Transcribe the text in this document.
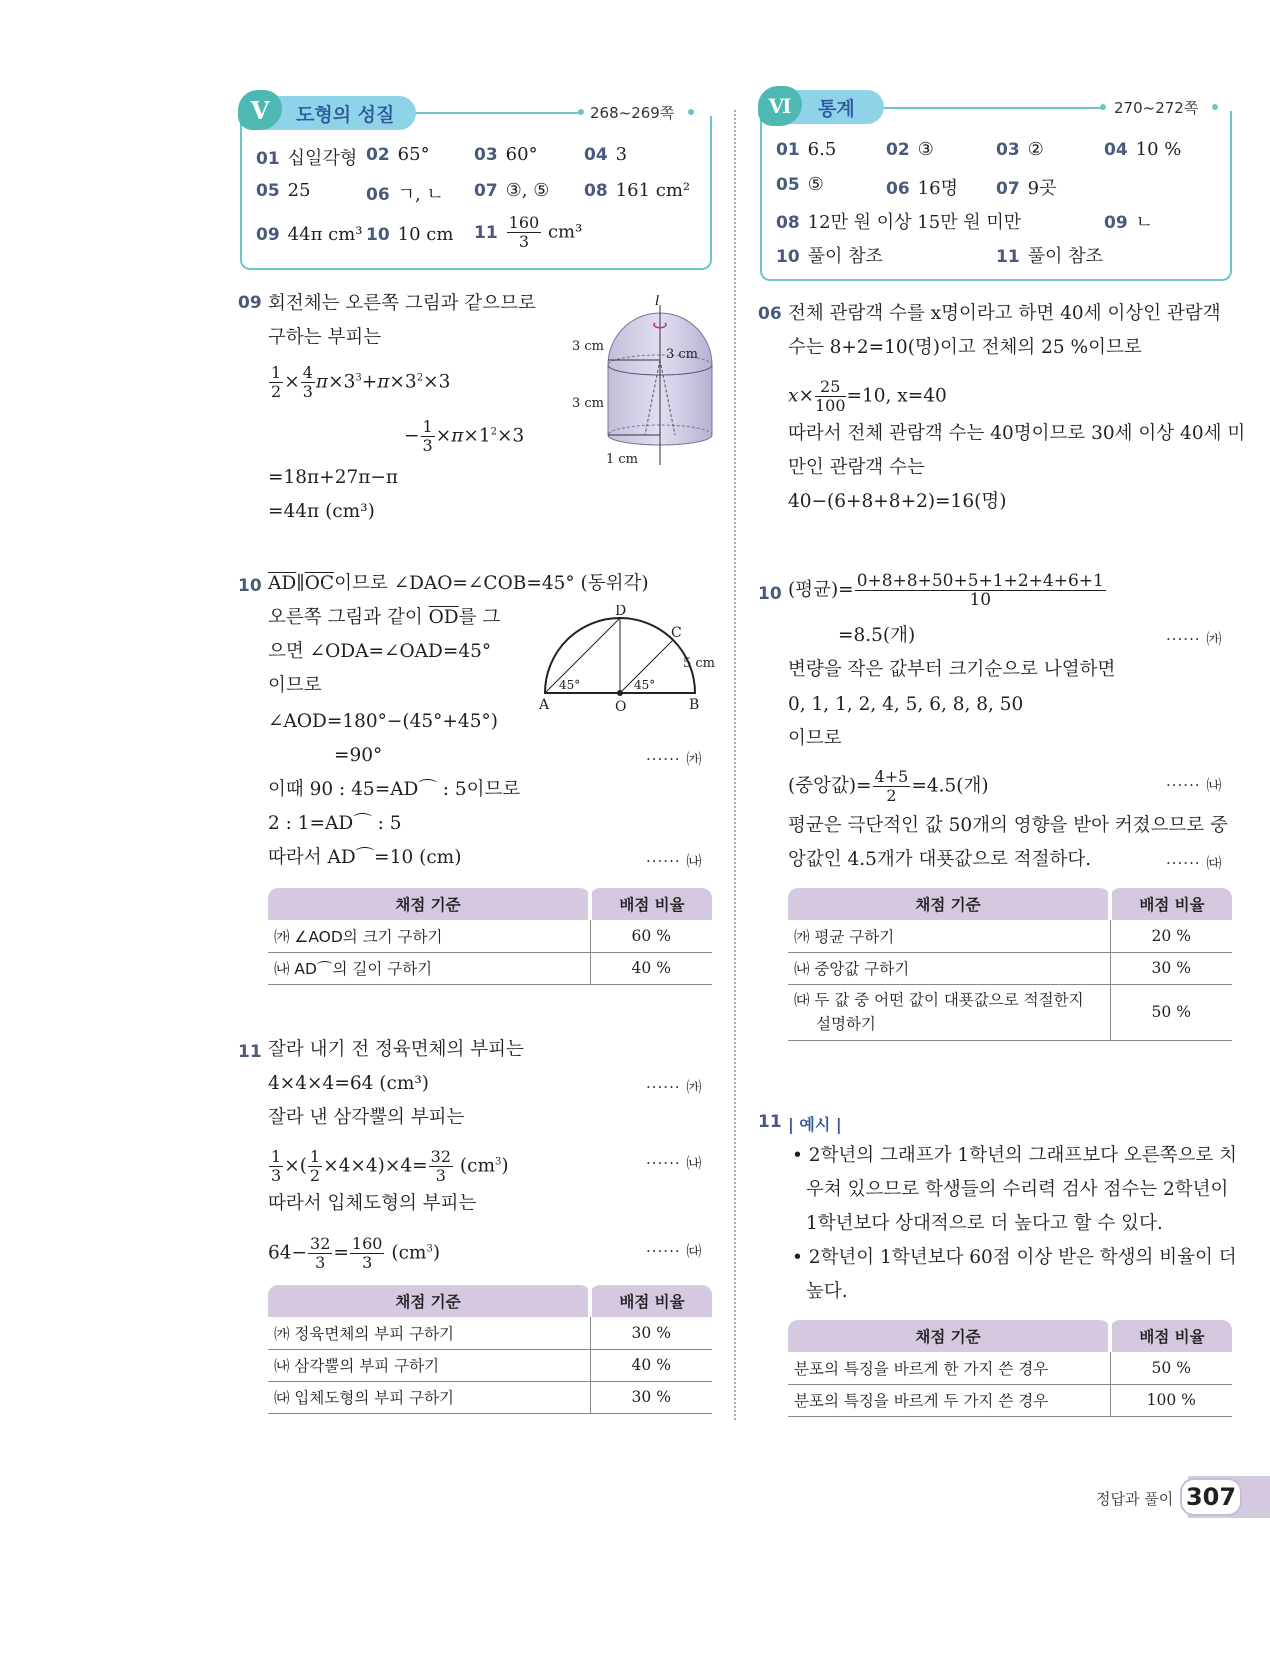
268~269쪽
도형의 성질
V
01 십일각형 02 65°	03 60°	04 3
05 25	06 ㄱ, ㄴ 07 ③, ⑤ 08 161 cm²
09 44π cm³ 10 10 cm $11 \frac{160}{3} cm^3$
270~272쪽
통계
Ⅵ
01 6.5	02 ③	03 ②	04 10 %
05 ⑤	06 16명 07 9곳
08 12만 원 이상 15만 원 미만	09 ㄴ
10 풀이 참조	11 풀이 참조
09 회전체는 오른쪽 그림과 같으므로
구하는 부피는
$\frac{1}{2} \times \frac{4}{3} \pi\times 3^3+\pi\times 3^2\times 3$
− $\frac{1}{3} \times\pi\times 1^2\times 3$
=18π+27π−π
=44π (cm³)
l
3 cm
3 cm
3 cm
1 cm
10 $\overline{AD}\parallel\overline{OC}$이므로 ∠DAO=∠COB=45° (동위각)
오른쪽 그림과 같이 $\overline{OD}$를 그
으면 ∠ODA=∠OAD=45°
이므로
∠AOD=180°−(45°+45°)
=90°	······ ㈎
이때 90 : 45=AD⌒ : 5이므로
2 : 1=AD⌒ : 5
따라서 AD⌒=10 (cm)	······ ㈏
D
C
A	O	B
45°	45°
5 cm
채점 기준	배점 비율
㈎ ∠AOD의 크기 구하기	60 %
㈏ AD⌒의 길이 구하기	40 %
11 잘라 내기 전 정육면체의 부피는
4×4×4=64 (cm³)	······ ㈎
잘라 낸 삼각뿔의 부피는
$\frac{1}{3}$ ×( $\frac{1}{2} \times 4\times 4)\times 4= \frac{32}{3} (cm^3)$	······ ㈏
따라서 입체도형의 부피는
$64- \frac{32}{3} = \frac{160}{3} (cm^3)$	······ ㈐
채점 기준	배점 비율
㈎ 정육면체의 부피 구하기	30 %
㈏ 삼각뿔의 부피 구하기	40 %
㈐ 입체도형의 부피 구하기	30 %
06 전체 관람객 수를 x명이라고 하면 40세 이상인 관람객
수는 8+2=10(명)이고 전체의 25 %이므로
$x\times \frac{25}{100} =10$, x=40
따라서 전체 관람객 수는 40명이므로 30세 이상 40세 미
만인 관람객 수는
40−(6+8+8+2)=16(명)
10 (평균)= $\frac{0+8+8+50+5+1+2+4+6+1}{10}$
=8.5(개)	······ ㈎
변량을 작은 값부터 크기순으로 나열하면
0, 1, 1, 2, 4, 5, 6, 8, 8, 50
이므로
(중앙값)= $\frac{4+5}{2} =4.5$(개)	······ ㈏
평균은 극단적인 값 50개의 영향을 받아 커졌으므로 중
앙값인 4.5개가 대푯값으로 적절하다.	······ ㈐
채점 기준	배점 비율
㈎ 평균 구하기	20 %
㈏ 중앙값 구하기	30 %
㈐ 두 값 중 어떤 값이 대푯값으로 적절한지
설명하기	50 %
11 | 예시 |
• 2학년의 그래프가 1학년의 그래프보다 오른쪽으로 치
우쳐 있으므로 학생들의 수리력 검사 점수는 2학년이
1학년보다 상대적으로 더 높다고 할 수 있다.
• 2학년이 1학년보다 60점 이상 받은 학생의 비율이 더
높다.
채점 기준	배점 비율
분포의 특징을 바르게 한 가지 쓴 경우	50 %
분포의 특징을 바르게 두 가지 쓴 경우	100 %
정답과 풀이 307
